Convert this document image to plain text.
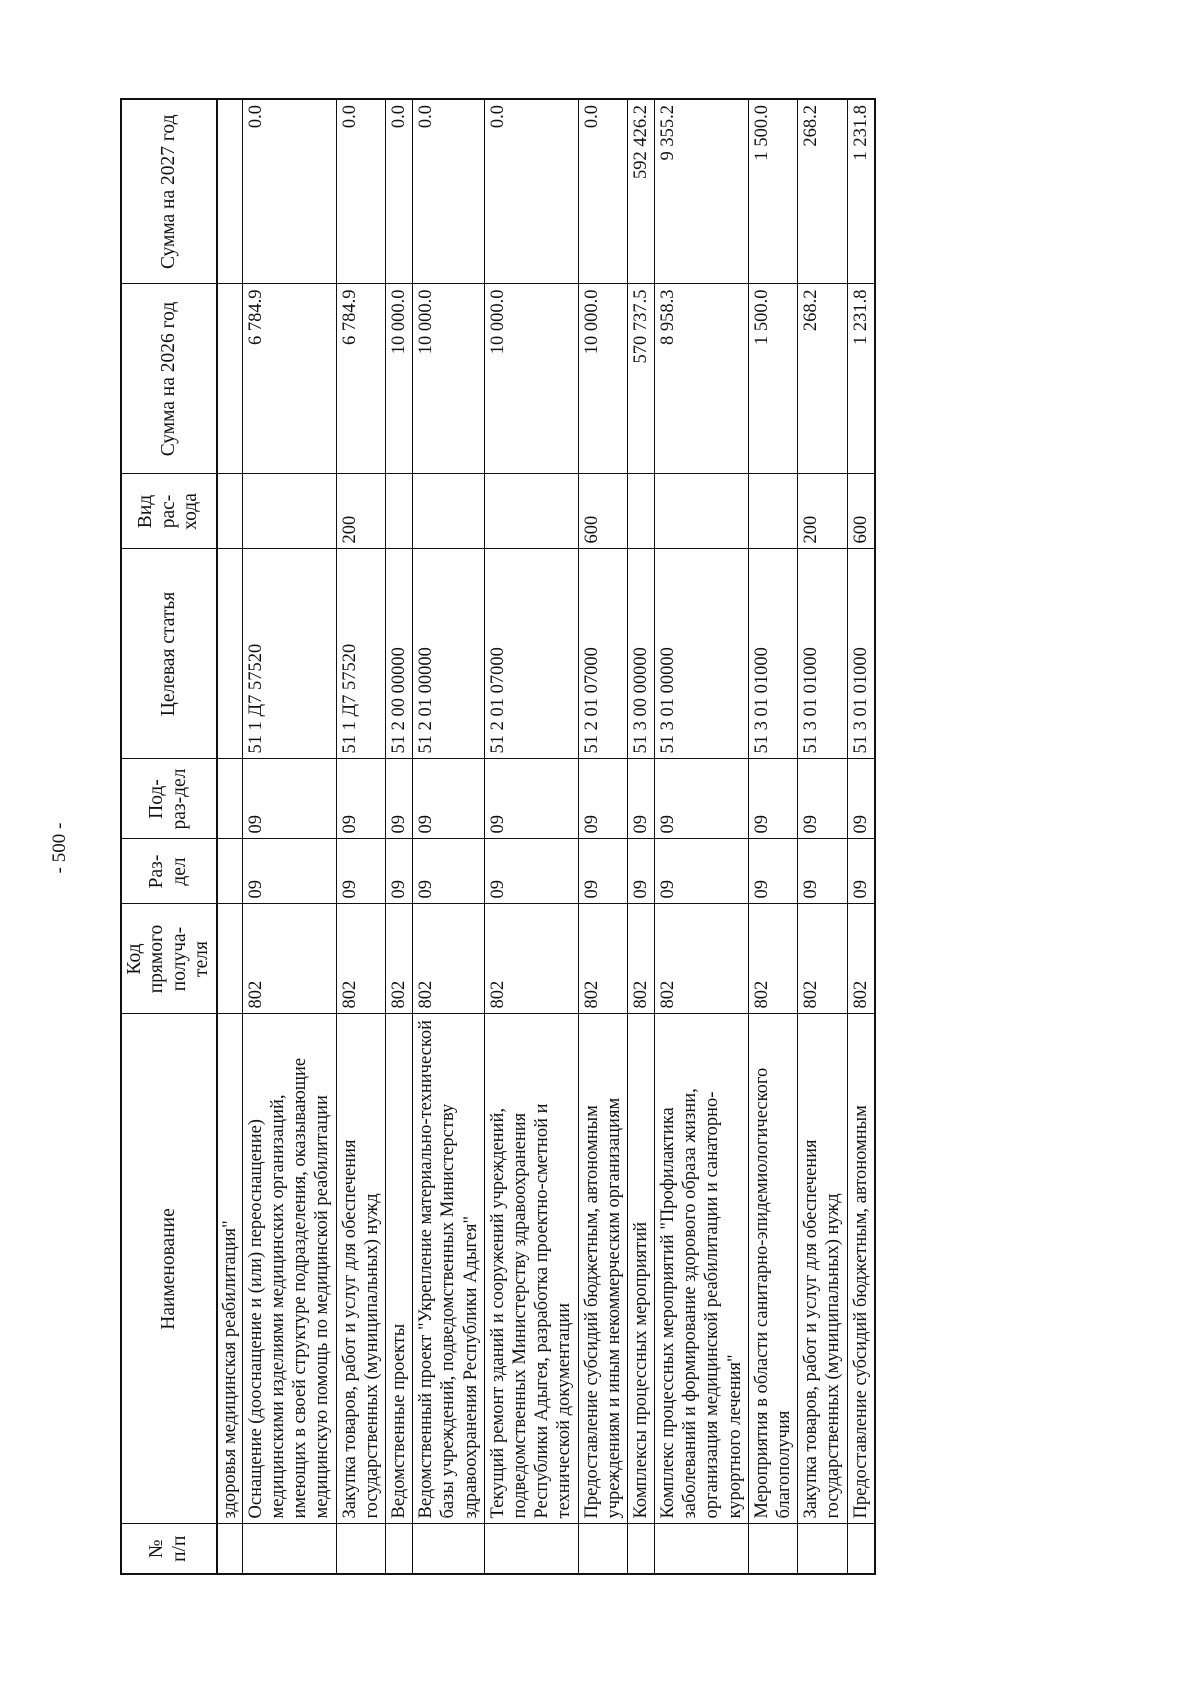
- 500 -
№ п/п	Наименование	Код прямого получа-теля	Раз-дел	Под-раз-дел	Целевая статья	Вид рас-хода	Сумма на 2026 год	Сумма на 2027 год
	здоровья медицинская реабилитация"							
	Оснащение (дооснащение и (или) переоснащение) медицинскими изделиями медицинских организаций, имеющих в своей структуре подразделения, оказывающие медицинскую помощь по медицинской реабилитации	802	09	09	51 1 Д7 57520		6 784.9	0.0
	Закупка товаров, работ и услуг для обеспечения государственных (муниципальных) нужд	802	09	09	51 1 Д7 57520	200	6 784.9	0.0
	Ведомственные проекты	802	09	09	51 2 00 00000		10 000.0	0.0
	Ведомственный проект "Укрепление материально-технической базы учреждений, подведомственных Министерству здравоохранения Республики Адыгея"	802	09	09	51 2 01 00000		10 000.0	0.0
	Текущий ремонт зданий и сооружений учреждений, подведомственных Министерству здравоохранения Республики Адыгея, разработка проектно-сметной и технической документации	802	09	09	51 2 01 07000		10 000.0	0.0
	Предоставление субсидий бюджетным, автономным учреждениям и иным некоммерческим организациям	802	09	09	51 2 01 07000	600	10 000.0	0.0
	Комплексы процессных мероприятий	802	09	09	51 3 00 00000		570 737.5	592 426.2
	Комплекс процессных мероприятий "Профилактика заболеваний и формирование здорового образа жизни, организация медицинской реабилитации и санаторно-курортного лечения"	802	09	09	51 3 01 00000		8 958.3	9 355.2
	Мероприятия в области санитарно-эпидемиологического благополучия	802	09	09	51 3 01 01000		1 500.0	1 500.0
	Закупка товаров, работ и услуг для обеспечения государственных (муниципальных) нужд	802	09	09	51 3 01 01000	200	268.2	268.2
	Предоставление субсидий бюджетным, автономным	802	09	09	51 3 01 01000	600	1 231.8	1 231.8
